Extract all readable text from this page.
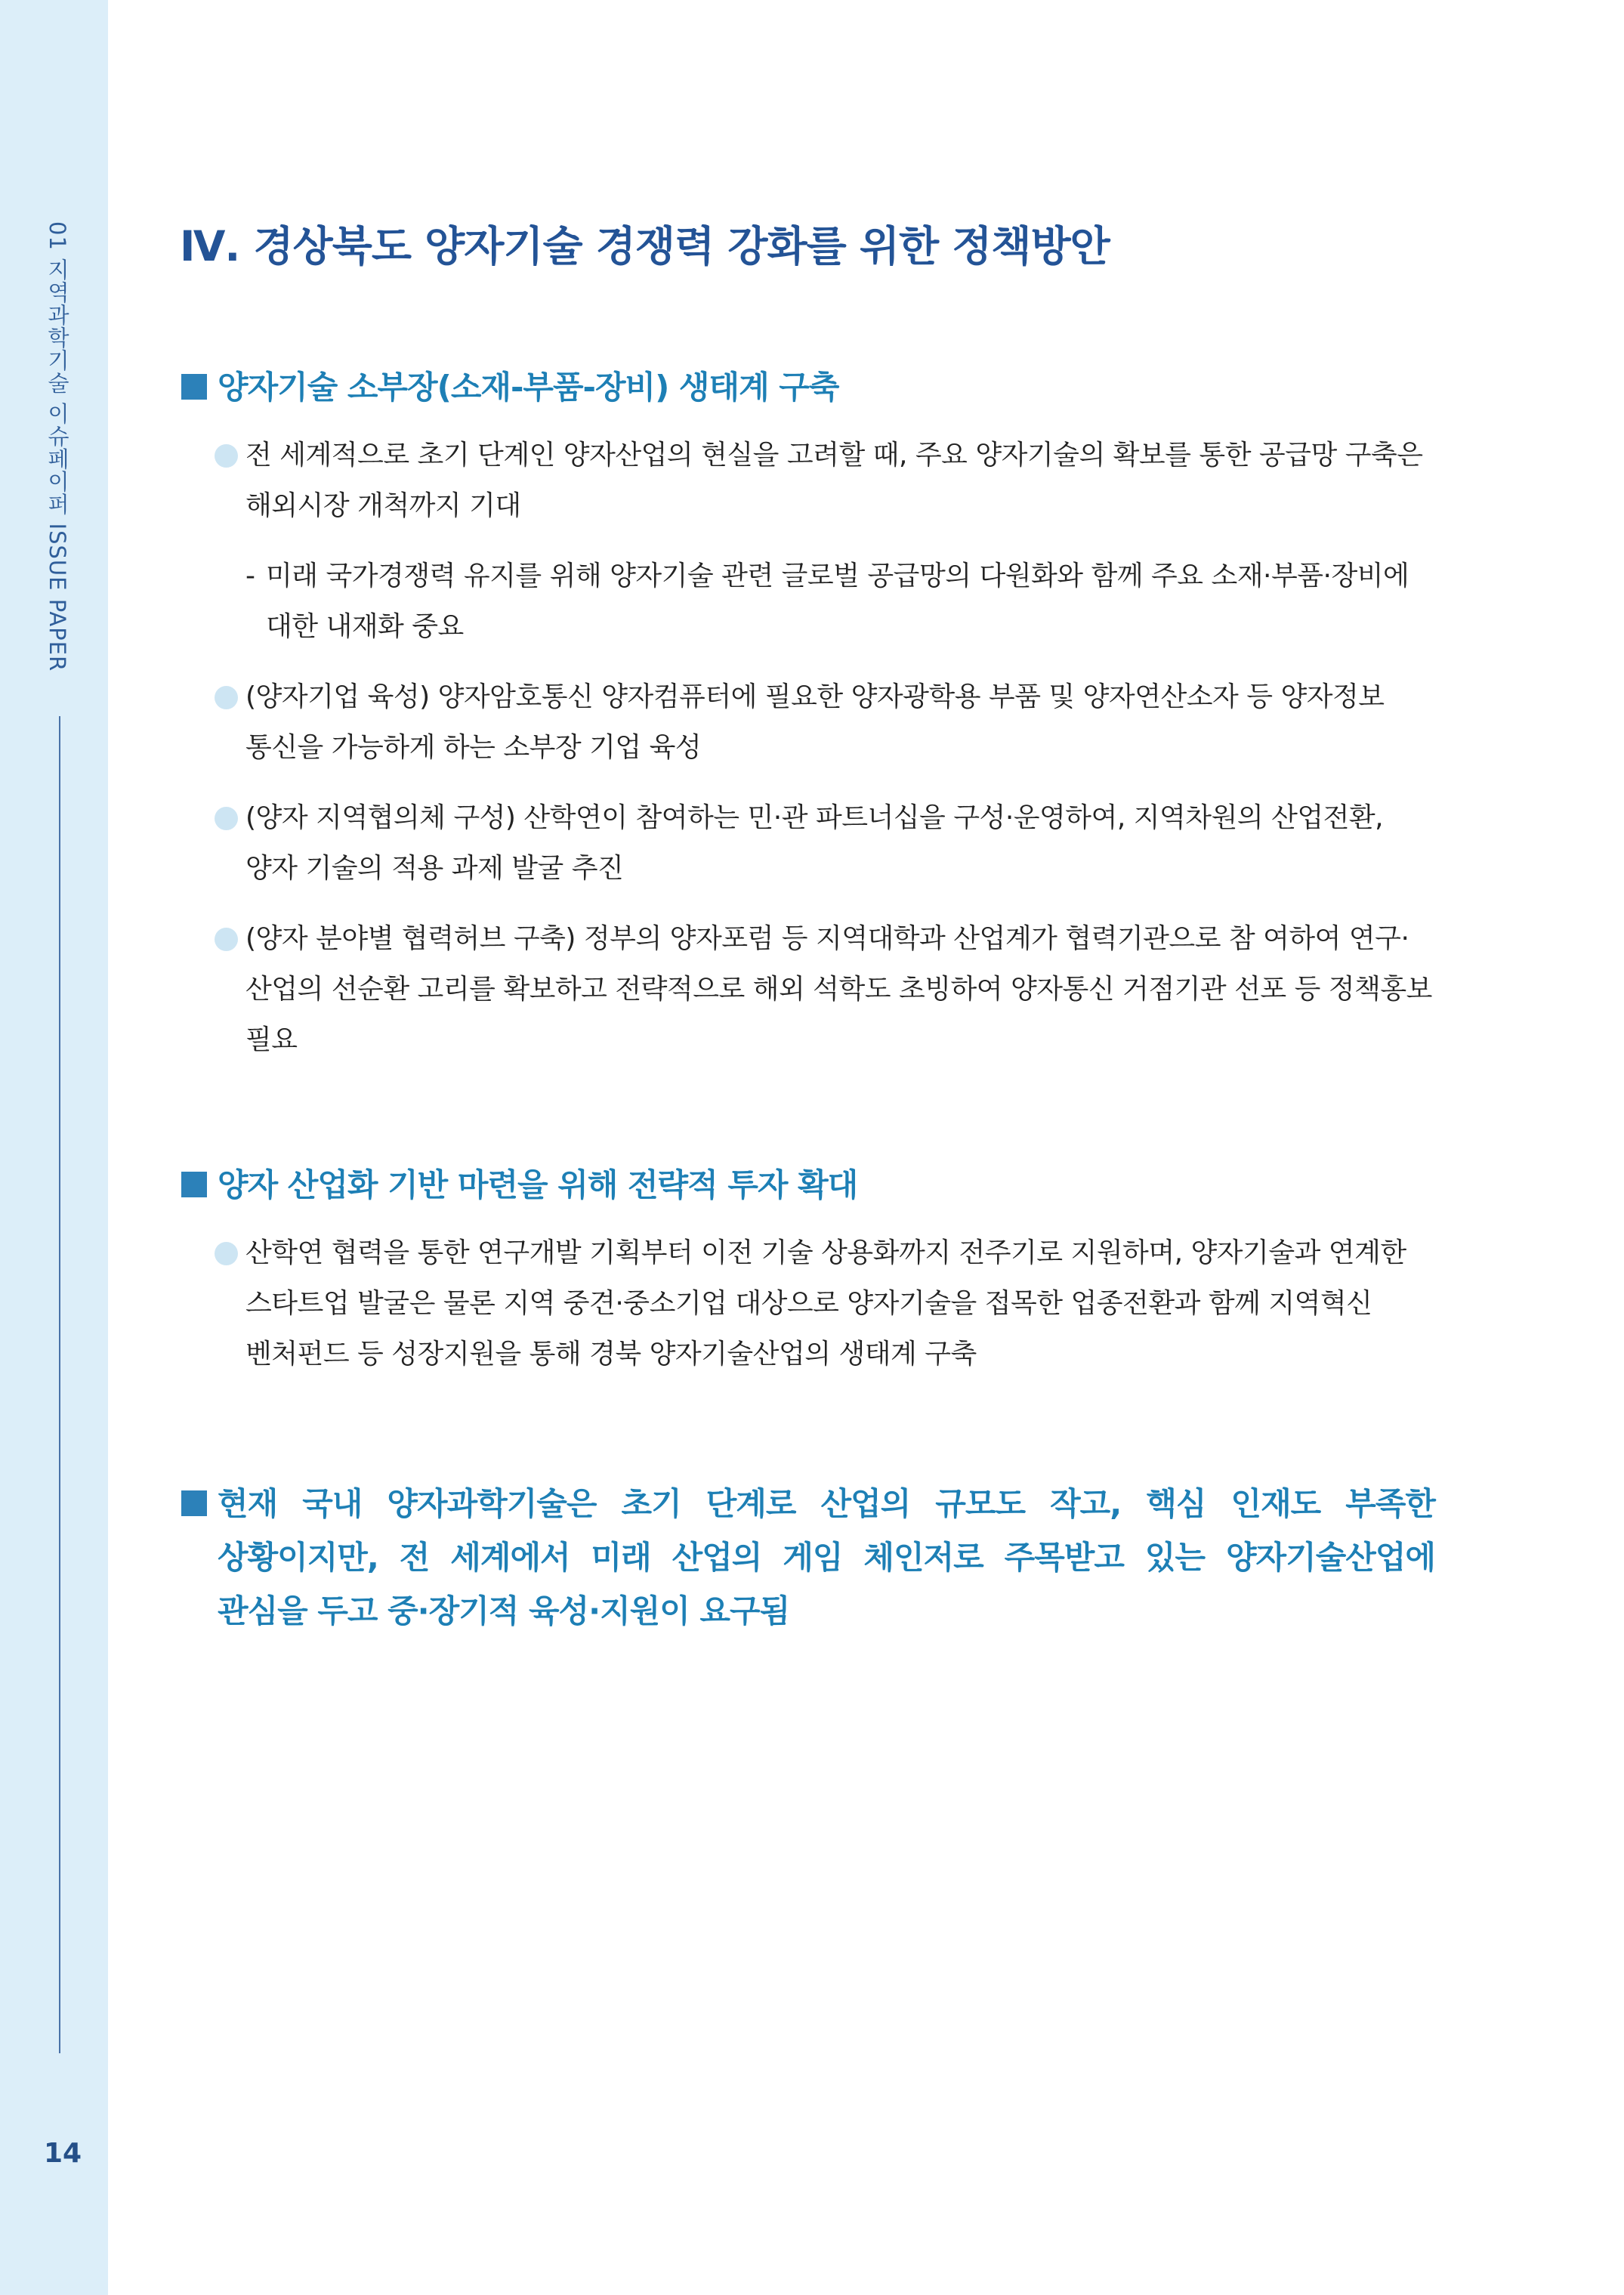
01 지역과학기술 이슈페이퍼 ISSUE PAPER
14
Ⅳ. 경상북도 양자기술 경쟁력 강화를 위한 정책방안
양자기술 소부장(소재-부품-장비) 생태계 구축
전 세계적으로 초기 단계인 양자산업의 현실을 고려할 때, 주요 양자기술의 확보를 통한 공급망 구축은 해외시장 개척까지 기대
- 미래 국가경쟁력 유지를 위해 양자기술 관련 글로벌 공급망의 다원화와 함께 주요 소재·부품·장비에 대한 내재화 중요
(양자기업 육성) 양자암호통신 양자컴퓨터에 필요한 양자광학용 부품 및 양자연산소자 등 양자정보 통신을 가능하게 하는 소부장 기업 육성
(양자 지역협의체 구성) 산학연이 참여하는 민·관 파트너십을 구성·운영하여, 지역차원의 산업전환, 양자 기술의 적용 과제 발굴 추진
(양자 분야별 협력허브 구축) 정부의 양자포럼 등 지역대학과 산업계가 협력기관으로 참 여하여 연구·산업의 선순환 고리를 확보하고 전략적으로 해외 석학도 초빙하여 양자통신 거점기관 선포 등 정책홍보 필요
양자 산업화 기반 마련을 위해 전략적 투자 확대
산학연 협력을 통한 연구개발 기획부터 이전 기술 상용화까지 전주기로 지원하며, 양자기술과 연계한 스타트업 발굴은 물론 지역 중견·중소기업 대상으로 양자기술을 접목한 업종전환과 함께 지역혁신 벤처펀드 등 성장지원을 통해 경북 양자기술산업의 생태계 구축
현재 국내 양자과학기술은 초기 단계로 산업의 규모도 작고, 핵심 인재도 부족한 상황이지만, 전 세계에서 미래 산업의 게임 체인저로 주목받고 있는 양자기술산업에 관심을 두고 중·장기적 육성·지원이 요구됨
